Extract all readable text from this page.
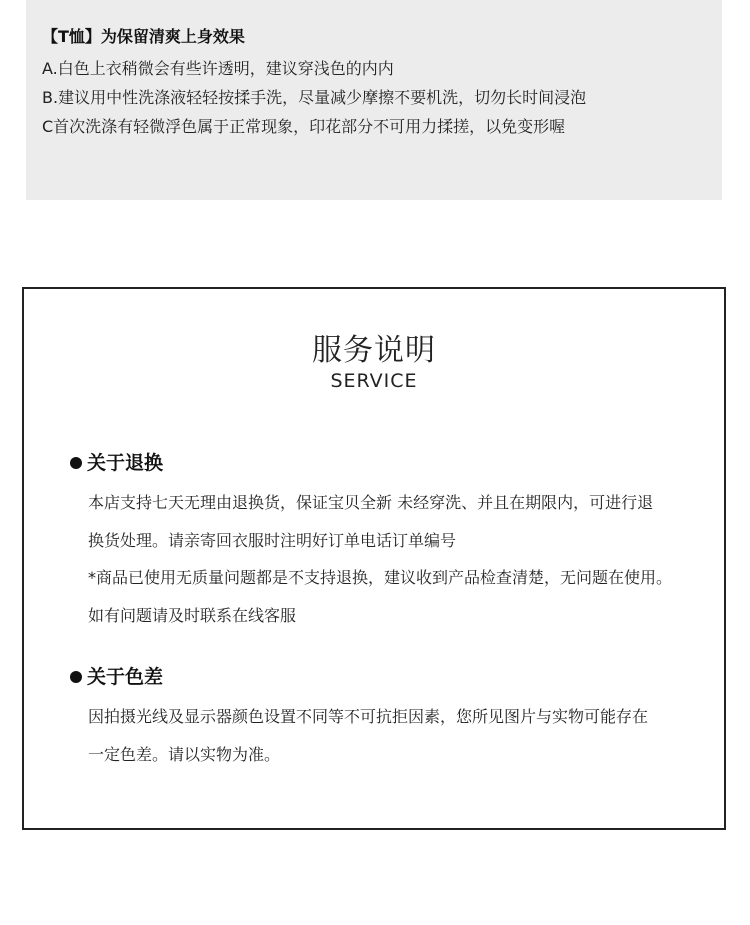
【T恤】为保留清爽上身效果
A.白色上衣稍微会有些许透明，建议穿浅色的内内
B.建议用中性洗涤液轻轻按揉手洗，尽量减少摩擦不要机洗，切勿长时间浸泡
C首次洗涤有轻微浮色属于正常现象，印花部分不可用力揉搓，以免变形喔
服务说明
SERVICE
关于退换
本店支持七天无理由退换货，保证宝贝全新 未经穿洗、并且在期限内，可进行退
换货处理。请亲寄回衣服时注明好订单电话订单编号
*商品已使用无质量问题都是不支持退换，建议收到产品检查清楚，无问题在使用。
如有问题请及时联系在线客服
关于色差
因拍摄光线及显示器颜色设置不同等不可抗拒因素，您所见图片与实物可能存在
一定色差。请以实物为准。
